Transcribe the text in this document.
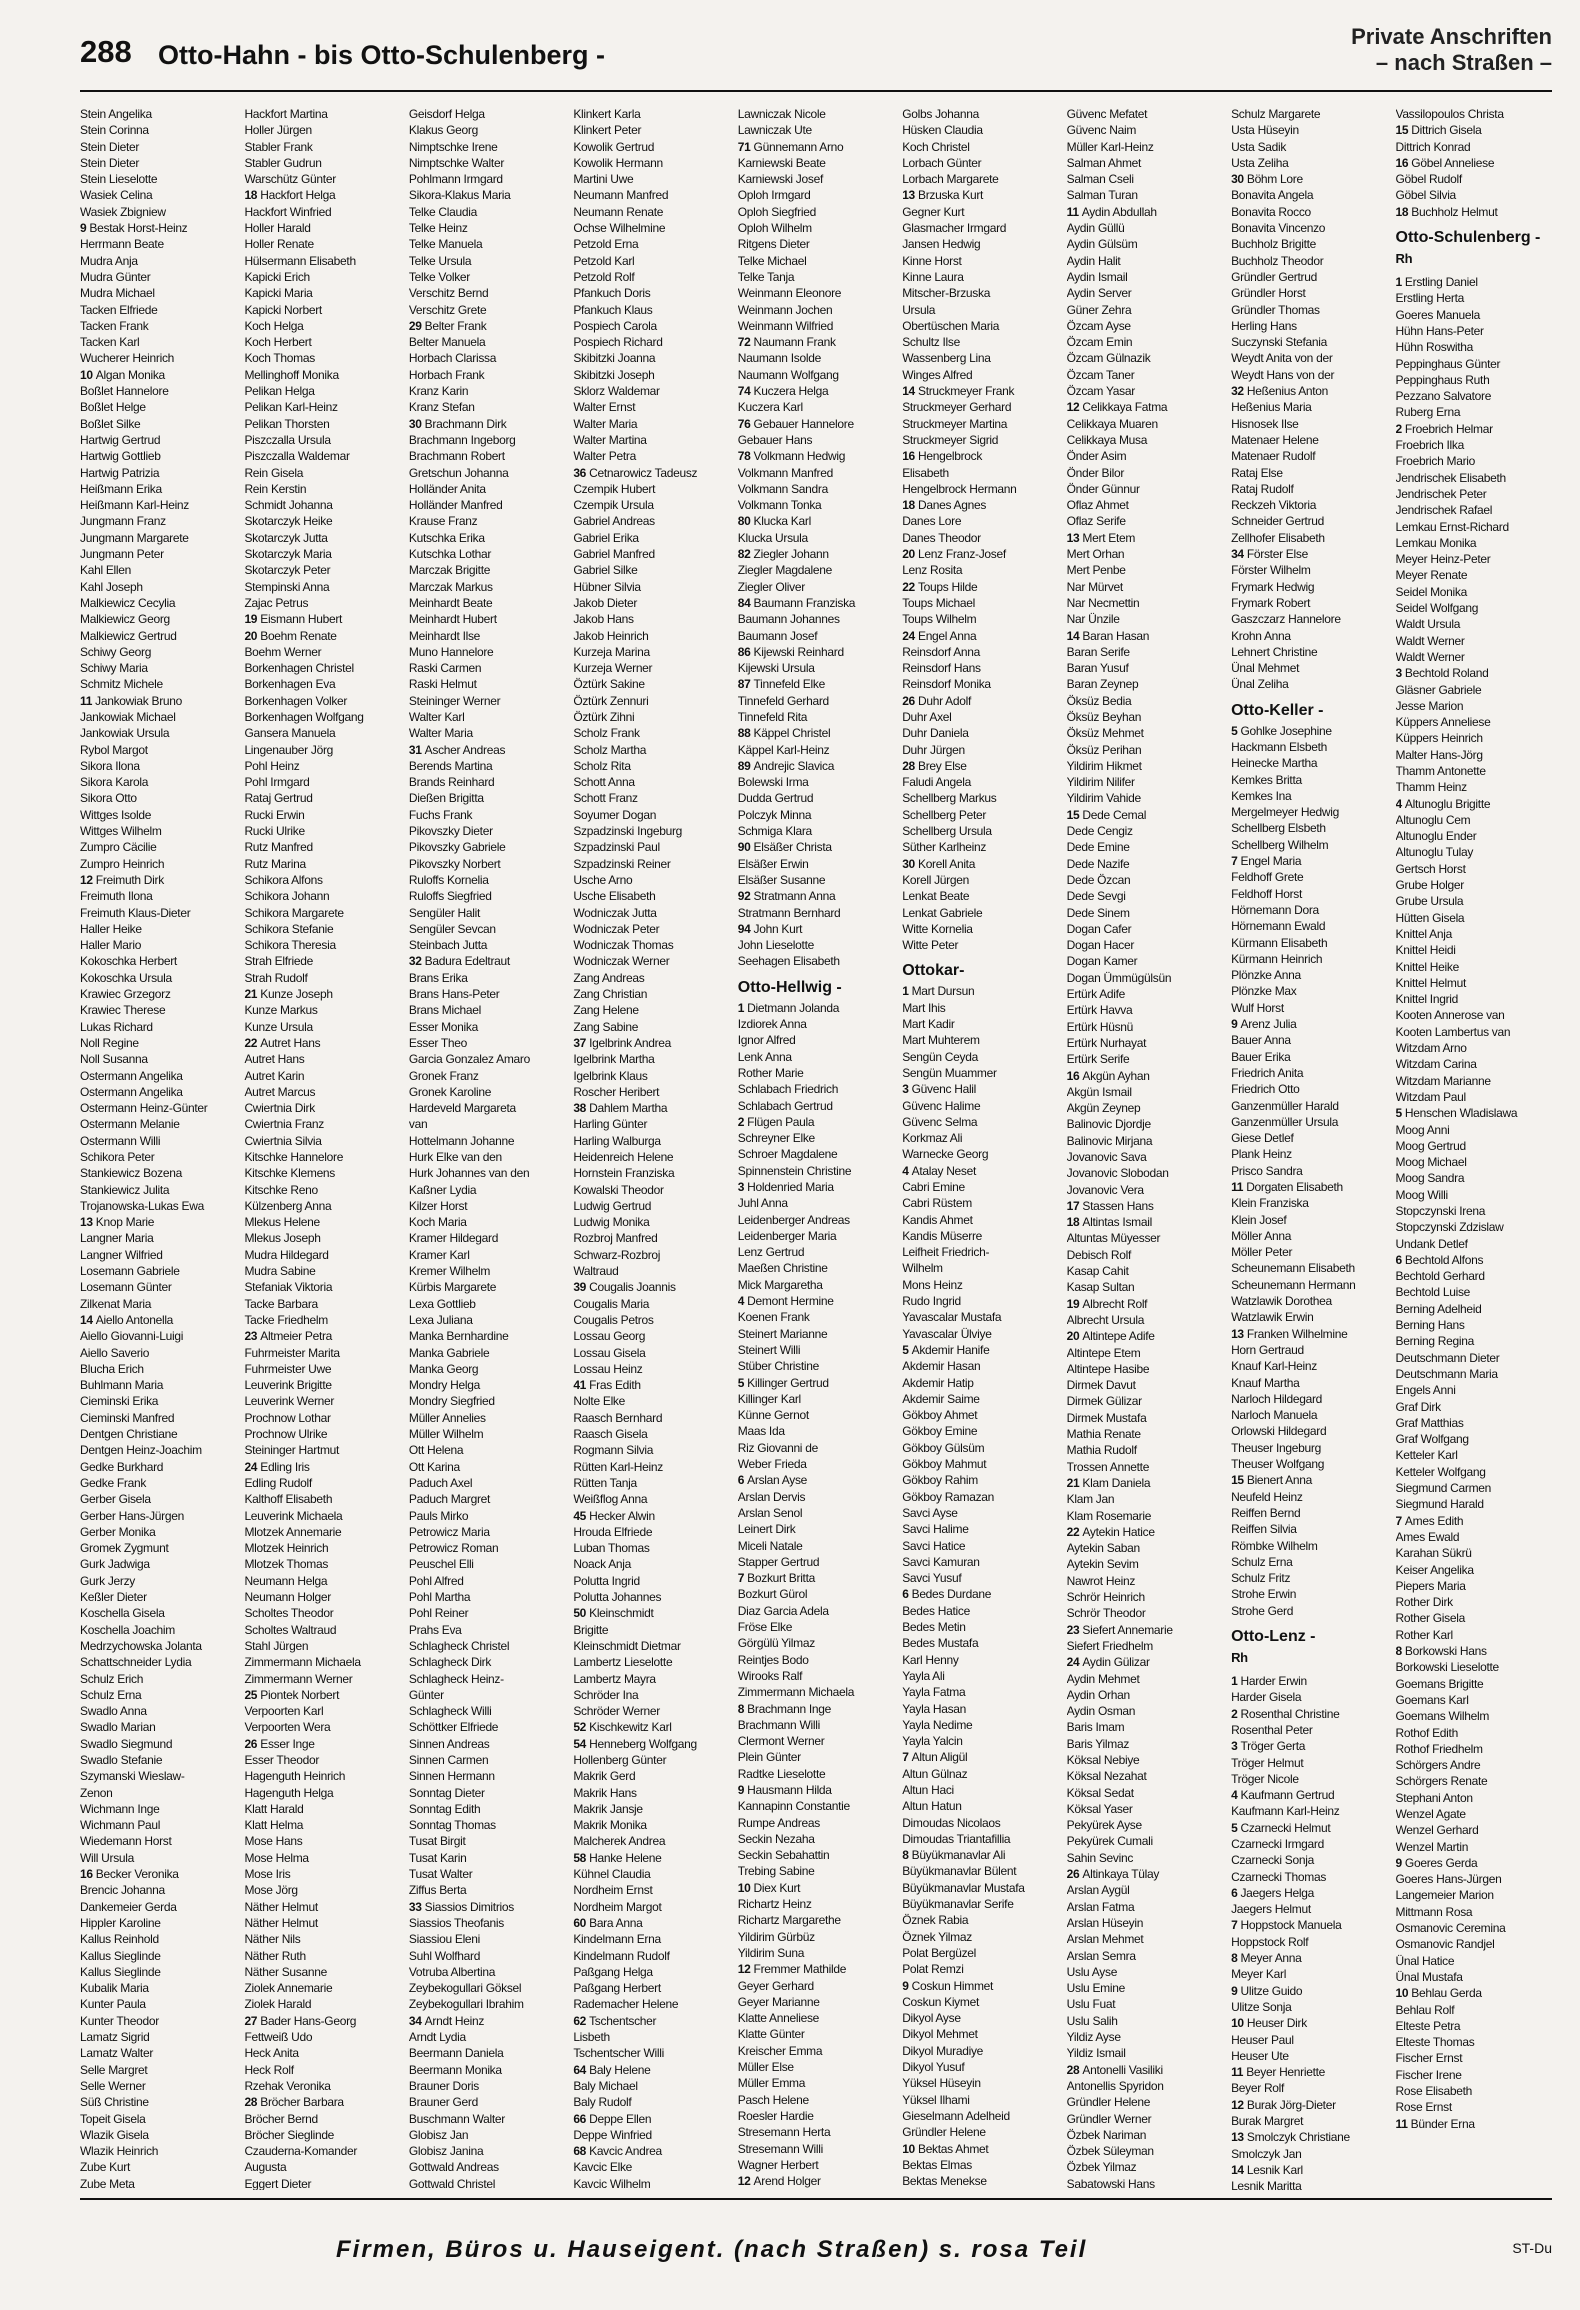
288 Otto-Hahn - bis Otto-Schulenberg -
Private Anschriften
– nach Straßen –
Stein Angelika
Stein Corinna
Stein Dieter
Stein Dieter
Stein Lieselotte
Wasiek Celina
Wasiek Zbigniew
9 Bestak Horst-Heinz
Herrmann Beate
Mudra Anja
Mudra Günter
Mudra Michael
Tacken Elfriede
Tacken Frank
Tacken Karl
Wucherer Heinrich
10 Algan Monika
Boßlet Hannelore
Boßlet Helge
Boßlet Silke
Hartwig Gertrud
Hartwig Gottlieb
Hartwig Patrizia
Heißmann Erika
Heißmann Karl-Heinz
Jungmann Franz
Jungmann Margarete
Jungmann Peter
Kahl Ellen
Kahl Joseph
Malkiewicz Cecylia
Malkiewicz Georg
Malkiewicz Gertrud
Schiwy Georg
Schiwy Maria
Schmitz Michele
11 Jankowiak Bruno
Jankowiak Michael
Jankowiak Ursula
Rybol Margot
Sikora Ilona
Sikora Karola
Sikora Otto
Wittges Isolde
Wittges Wilhelm
Zumpro Cäcilie
Zumpro Heinrich
12 Freimuth Dirk
Freimuth Ilona
Freimuth Klaus-Dieter
Haller Heike
Haller Mario
Kokoschka Herbert
Kokoschka Ursula
Krawiec Grzegorz
Krawiec Therese
Lukas Richard
Noll Regine
Noll Susanna
Ostermann Angelika
Ostermann Angelika
Ostermann Heinz-Günter
Ostermann Melanie
Ostermann Willi
Schikora Peter
Stankiewicz Bozena
Stankiewicz Julita
Trojanowska-Lukas Ewa
13 Knop Marie
Langner Maria
Langner Wilfried
Losemann Gabriele
Losemann Günter
Zilkenat Maria
14 Aiello Antonella
Aiello Giovanni-Luigi
Aiello Saverio
Blucha Erich
Buhlmann Maria
Cieminski Erika
Cieminski Manfred
Dentgen Christiane
Dentgen Heinz-Joachim
Gedke Burkhard
Gedke Frank
Gerber Gisela
Gerber Hans-Jürgen
Gerber Monika
Gromek Zygmunt
Gurk Jadwiga
Gurk Jerzy
Keßler Dieter
Koschella Gisela
Koschella Joachim
Medrzychowska Jolanta
Schattschneider Lydia
Schulz Erich
Schulz Erna
Swadlo Anna
Swadlo Marian
Swadlo Siegmund
Swadlo Stefanie
Szymanski Wieslaw-
Zenon
Wichmann Inge
Wichmann Paul
Wiedemann Horst
Will Ursula
16 Becker Veronika
Brencic Johanna
Dankemeier Gerda
Hippler Karoline
Kallus Reinhold
Kallus Sieglinde
Kallus Sieglinde
Kubalik Maria
Kunter Paula
Kunter Theodor
Lamatz Sigrid
Lamatz Walter
Selle Margret
Selle Werner
Süß Christine
Topeit Gisela
Wlazik Gisela
Wlazik Heinrich
Zube Kurt
Zube Meta
Hackfort Martina
Holler Jürgen
Stabler Frank
Stabler Gudrun
Warschütz Günter
18 Hackfort Helga
Hackfort Winfried
Holler Harald
Holler Renate
Hülsermann Elisabeth
Kapicki Erich
Kapicki Maria
Kapicki Norbert
Koch Helga
Koch Herbert
Koch Thomas
Mellinghoff Monika
Pelikan Helga
Pelikan Karl-Heinz
Pelikan Thorsten
Piszczalla Ursula
Piszczalla Waldemar
Rein Gisela
Rein Kerstin
Schmidt Johanna
Skotarczyk Heike
Skotarczyk Jutta
Skotarczyk Maria
Skotarczyk Peter
Stempinski Anna
Zajac Petrus
19 Eismann Hubert
20 Boehm Renate
Boehm Werner
Borkenhagen Christel
Borkenhagen Eva
Borkenhagen Volker
Borkenhagen Wolfgang
Gansera Manuela
Lingenauber Jörg
Pohl Heinz
Pohl Irmgard
Rataj Gertrud
Rucki Erwin
Rucki Ulrike
Rutz Manfred
Rutz Marina
Schikora Alfons
Schikora Johann
Schikora Margarete
Schikora Stefanie
Schikora Theresia
Strah Elfriede
Strah Rudolf
21 Kunze Joseph
Kunze Markus
Kunze Ursula
22 Autret Hans
Autret Hans
Autret Karin
Autret Marcus
Cwiertnia Dirk
Cwiertnia Franz
Cwiertnia Silvia
Kitschke Hannelore
Kitschke Klemens
Kitschke Reno
Külzenberg Anna
Mlekus Helene
Mlekus Joseph
Mudra Hildegard
Mudra Sabine
Stefaniak Viktoria
Tacke Barbara
Tacke Friedhelm
23 Altmeier Petra
Fuhrmeister Marita
Fuhrmeister Uwe
Leuverink Brigitte
Leuverink Werner
Prochnow Lothar
Prochnow Ulrike
Steininger Hartmut
24 Edling Iris
Edling Rudolf
Kalthoff Elisabeth
Leuverink Michaela
Mlotzek Annemarie
Mlotzek Heinrich
Mlotzek Thomas
Neumann Helga
Neumann Holger
Scholtes Theodor
Scholtes Waltraud
Stahl Jürgen
Zimmermann Michaela
Zimmermann Werner
25 Piontek Norbert
Verpoorten Karl
Verpoorten Wera
26 Esser Inge
Esser Theodor
Hagenguth Heinrich
Hagenguth Helga
Klatt Harald
Klatt Helma
Mose Hans
Mose Helma
Mose Iris
Mose Jörg
Näther Helmut
Näther Helmut
Näther Nils
Näther Ruth
Näther Susanne
Ziolek Annemarie
Ziolek Harald
27 Bader Hans-Georg
Fettweiß Udo
Heck Anita
Heck Rolf
Rzehak Veronika
28 Bröcher Barbara
Bröcher Bernd
Bröcher Sieglinde
Czauderna-Komander
Augusta
Eggert Dieter
Geisdorf Helga
Klakus Georg
Nimptschke Irene
Nimptschke Walter
Pohlmann Irmgard
Sikora-Klakus Maria
Telke Claudia
Telke Heinz
Telke Manuela
Telke Ursula
Telke Volker
Verschitz Bernd
Verschitz Grete
29 Belter Frank
Belter Manuela
Horbach Clarissa
Horbach Frank
Kranz Karin
Kranz Stefan
30 Brachmann Dirk
Brachmann Ingeborg
Brachmann Robert
Gretschun Johanna
Holländer Anita
Holländer Manfred
Krause Franz
Kutschka Erika
Kutschka Lothar
Marczak Brigitte
Marczak Markus
Meinhardt Beate
Meinhardt Hubert
Meinhardt Ilse
Muno Hannelore
Raski Carmen
Raski Helmut
Steininger Werner
Walter Karl
Walter Maria
31 Ascher Andreas
Berends Martina
Brands Reinhard
Dießen Brigitta
Fuchs Frank
Pikovszky Dieter
Pikovszky Gabriele
Pikovszky Norbert
Ruloffs Kornelia
Ruloffs Siegfried
Sengüler Halit
Sengüler Sevcan
Steinbach Jutta
32 Badura Edeltraut
Brans Erika
Brans Hans-Peter
Brans Michael
Esser Monika
Esser Theo
Garcia Gonzalez Amaro
Gronek Franz
Gronek Karoline
Hardeveld Margareta
van
Hottelmann Johanne
Hurk Elke van den
Hurk Johannes van den
Kaßner Lydia
Kilzer Horst
Koch Maria
Kramer Hildegard
Kramer Karl
Kremer Wilhelm
Kürbis Margarete
Lexa Gottlieb
Lexa Juliana
Manka Bernhardine
Manka Gabriele
Manka Georg
Mondry Helga
Mondry Siegfried
Müller Annelies
Müller Wilhelm
Ott Helena
Ott Karina
Paduch Axel
Paduch Margret
Pauls Mirko
Petrowicz Maria
Petrowicz Roman
Peuschel Elli
Pohl Alfred
Pohl Martha
Pohl Reiner
Prahs Eva
Schlagheck Christel
Schlagheck Dirk
Schlagheck Heinz-
Günter
Schlagheck Willi
Schöttker Elfriede
Sinnen Andreas
Sinnen Carmen
Sinnen Hermann
Sonntag Dieter
Sonntag Edith
Sonntag Thomas
Tusat Birgit
Tusat Karin
Tusat Walter
Ziffus Berta
33 Siassios Dimitrios
Siassios Theofanis
Siassiou Eleni
Suhl Wolfhard
Votruba Albertina
Zeybekogullari Göksel
Zeybekogullari Ibrahim
34 Arndt Heinz
Arndt Lydia
Beermann Daniela
Beermann Monika
Brauner Doris
Brauner Gerd
Buschmann Walter
Globisz Jan
Globisz Janina
Gottwald Andreas
Gottwald Christel
Klinkert Karla
Klinkert Peter
Kowolik Gertrud
Kowolik Hermann
Martini Uwe
Neumann Manfred
Neumann Renate
Ochse Wilhelmine
Petzold Erna
Petzold Karl
Petzold Rolf
Pfankuch Doris
Pfankuch Klaus
Pospiech Carola
Pospiech Richard
Skibitzki Joanna
Skibitzki Joseph
Sklorz Waldemar
Walter Ernst
Walter Maria
Walter Martina
Walter Petra
36 Cetnarowicz Tadeusz
Czempik Hubert
Czempik Ursula
Gabriel Andreas
Gabriel Erika
Gabriel Manfred
Gabriel Silke
Hübner Silvia
Jakob Dieter
Jakob Hans
Jakob Heinrich
Kurzeja Marina
Kurzeja Werner
Öztürk Sakine
Öztürk Zennuri
Öztürk Zihni
Scholz Frank
Scholz Martha
Scholz Rita
Schott Anna
Schott Franz
Soyumer Dogan
Szpadzinski Ingeburg
Szpadzinski Paul
Szpadzinski Reiner
Usche Arno
Usche Elisabeth
Wodniczak Jutta
Wodniczak Peter
Wodniczak Thomas
Wodniczak Werner
Zang Andreas
Zang Christian
Zang Helene
Zang Sabine
37 Igelbrink Andrea
Igelbrink Martha
Igelbrink Klaus
Roscher Heribert
38 Dahlem Martha
Harling Günter
Harling Walburga
Heidenreich Helene
Hornstein Franziska
Kowalski Theodor
Ludwig Gertrud
Ludwig Monika
Rozbroj Manfred
Schwarz-Rozbroj
Waltraud
39 Cougalis Joannis
Cougalis Maria
Cougalis Petros
Lossau Georg
Lossau Gisela
Lossau Heinz
41 Fras Edith
Nolte Elke
Raasch Bernhard
Raasch Gisela
Rogmann Silvia
Rütten Karl-Heinz
Rütten Tanja
Weißflog Anna
45 Hecker Alwin
Hrouda Elfriede
Luban Thomas
Noack Anja
Polutta Ingrid
Polutta Johannes
50 Kleinschmidt
Brigitte
Kleinschmidt Dietmar
Lambertz Lieselotte
Lambertz Mayra
Schröder Ina
Schröder Werner
52 Kischkewitz Karl
54 Henneberg Wolfgang
Hollenberg Günter
Makrik Gerd
Makrik Hans
Makrik Jansje
Makrik Monika
Malcherek Andrea
58 Hanke Helene
Kühnel Claudia
Nordheim Ernst
Nordheim Margot
60 Bara Anna
Kindelmann Erna
Kindelmann Rudolf
Paßgang Helga
Paßgang Herbert
Rademacher Helene
62 Tschentscher
Lisbeth
Tschentscher Willi
64 Baly Helene
Baly Michael
Baly Rudolf
66 Deppe Ellen
Deppe Winfried
68 Kavcic Andrea
Kavcic Elke
Kavcic Wilhelm
Lawniczak Nicole
Lawniczak Ute
71 Günnemann Arno
Karniewski Beate
Karniewski Josef
Oploh Irmgard
Oploh Siegfried
Oploh Wilhelm
Ritgens Dieter
Telke Michael
Telke Tanja
Weinmann Eleonore
Weinmann Jochen
Weinmann Wilfried
72 Naumann Frank
Naumann Isolde
Naumann Wolfgang
74 Kuczera Helga
Kuczera Karl
76 Gebauer Hannelore
Gebauer Hans
78 Volkmann Hedwig
Volkmann Manfred
Volkmann Sandra
Volkmann Tonka
80 Klucka Karl
Klucka Ursula
82 Ziegler Johann
Ziegler Magdalene
Ziegler Oliver
84 Baumann Franziska
Baumann Johannes
Baumann Josef
86 Kijewski Reinhard
Kijewski Ursula
87 Tinnefeld Elke
Tinnefeld Gerhard
Tinnefeld Rita
88 Käppel Christel
Käppel Karl-Heinz
89 Andrejic Slavica
Bolewski Irma
Dudda Gertrud
Polczyk Minna
Schmiga Klara
90 Elsäßer Christa
Elsäßer Erwin
Elsäßer Susanne
92 Stratmann Anna
Stratmann Bernhard
94 John Kurt
John Lieselotte
Seehagen Elisabeth
Otto-Hellwig -
1 Dietmann Jolanda
Izdiorek Anna
Ignor Alfred
Lenk Anna
Rother Marie
Schlabach Friedrich
Schlabach Gertrud
2 Flügen Paula
Schreyner Elke
Schroer Magdalene
Spinnenstein Christine
3 Holdenried Maria
Juhl Anna
Leidenberger Andreas
Leidenberger Maria
Lenz Gertrud
Maeßen Christine
Mick Margaretha
4 Demont Hermine
Koenen Frank
Steinert Marianne
Steinert Willi
Stüber Christine
5 Killinger Gertrud
Killinger Karl
Künne Gernot
Maas Ida
Riz Giovanni de
Weber Frieda
6 Arslan Ayse
Arslan Dervis
Arslan Senol
Leinert Dirk
Miceli Natale
Stapper Gertrud
7 Bozkurt Britta
Bozkurt Gürol
Diaz Garcia Adela
Fröse Elke
Görgülü Yilmaz
Reintjes Bodo
Wirooks Ralf
Zimmermann Michaela
8 Brachmann Inge
Brachmann Willi
Clermont Werner
Plein Günter
Radtke Lieselotte
9 Hausmann Hilda
Kannapinn Constantie
Rumpe Andreas
Seckin Nezaha
Seckin Sebahattin
Trebing Sabine
10 Diex Kurt
Richartz Heinz
Richartz Margarethe
Yildirim Gürbüz
Yildirim Suna
12 Fremmer Mathilde
Geyer Gerhard
Geyer Marianne
Klatte Anneliese
Klatte Günter
Kreischer Emma
Müller Else
Müller Emma
Pasch Helene
Roesler Hardie
Stresemann Herta
Stresemann Willi
Wagner Herbert
12 Arend Holger
Golbs Johanna
Hüsken Claudia
Koch Christel
Lorbach Günter
Lorbach Margarete
13 Brzuska Kurt
Gegner Kurt
Glasmacher Irmgard
Jansen Hedwig
Kinne Horst
Kinne Laura
Mitscher-Brzuska
Ursula
Obertüschen Maria
Schultz Ilse
Wassenberg Lina
Winges Alfred
14 Struckmeyer Frank
Struckmeyer Gerhard
Struckmeyer Martina
Struckmeyer Sigrid
16 Hengelbrock
Elisabeth
Hengelbrock Hermann
18 Danes Agnes
Danes Lore
Danes Theodor
20 Lenz Franz-Josef
Lenz Rosita
22 Toups Hilde
Toups Michael
Toups Wilhelm
24 Engel Anna
Reinsdorf Anna
Reinsdorf Hans
Reinsdorf Monika
26 Duhr Adolf
Duhr Axel
Duhr Daniela
Duhr Jürgen
28 Brey Else
Faludi Angela
Schellberg Markus
Schellberg Peter
Schellberg Ursula
Süther Karlheinz
30 Korell Anita
Korell Jürgen
Lenkat Beate
Lenkat Gabriele
Witte Kornelia
Witte Peter
Ottokar-
1 Mart Dursun
Mart Ihis
Mart Kadir
Mart Muhterem
Sengün Ceyda
Sengün Muammer
3 Güvenc Halil
Güvenc Halime
Güvenc Selma
Korkmaz Ali
Warnecke Georg
4 Atalay Neset
Cabri Emine
Cabri Rüstem
Kandis Ahmet
Kandis Müserre
Leifheit Friedrich-
Wilhelm
Mons Heinz
Rudo Ingrid
Yavascalar Mustafa
Yavascalar Ülviye
5 Akdemir Hanife
Akdemir Hasan
Akdemir Hatip
Akdemir Saime
Gökboy Ahmet
Gökboy Emine
Gökboy Gülsüm
Gökboy Mahmut
Gökboy Rahim
Gökboy Ramazan
Savci Ayse
Savci Halime
Savci Hatice
Savci Kamuran
Savci Yusuf
6 Bedes Durdane
Bedes Hatice
Bedes Metin
Bedes Mustafa
Karl Henny
Yayla Ali
Yayla Fatma
Yayla Hasan
Yayla Nedime
Yayla Yalcin
7 Altun Aligül
Altun Gülnaz
Altun Haci
Altun Hatun
Dimoudas Nicolaos
Dimoudas Triantafillia
8 Büyükmanavlar Ali
Büyükmanavlar Bülent
Büyükmanavlar Mustafa
Büyükmanavlar Serife
Öznek Rabia
Öznek Yilmaz
Polat Bergüzel
Polat Remzi
9 Coskun Himmet
Coskun Kiymet
Dikyol Ayse
Dikyol Mehmet
Dikyol Muradiye
Dikyol Yusuf
Yüksel Hüseyin
Yüksel Ilhami
Gieselmann Adelheid
Gründler Helene
10 Bektas Ahmet
Bektas Elmas
Bektas Menekse
Güvenc Mefatet
Güvenc Naim
Müller Karl-Heinz
Salman Ahmet
Salman Cseli
Salman Turan
11 Aydin Abdullah
Aydin Güllü
Aydin Gülsüm
Aydin Halit
Aydin Ismail
Aydin Server
Güner Zehra
Özcam Ayse
Özcam Emin
Özcam Gülnazik
Özcam Taner
Özcam Yasar
12 Celikkaya Fatma
Celikkaya Muaren
Celikkaya Musa
Önder Asim
Önder Bilor
Önder Günnur
Oflaz Ahmet
Oflaz Serife
13 Mert Etem
Mert Orhan
Mert Penbe
Nar Mürvet
Nar Necmettin
Nar Ünzile
14 Baran Hasan
Baran Serife
Baran Yusuf
Baran Zeynep
Öksüz Bedia
Öksüz Beyhan
Öksüz Mehmet
Öksüz Perihan
Yildirim Hikmet
Yildirim Nilifer
Yildirim Vahide
15 Dede Cemal
Dede Cengiz
Dede Emine
Dede Nazife
Dede Özcan
Dede Sevgi
Dede Sinem
Dogan Cafer
Dogan Hacer
Dogan Kamer
Dogan Ümmügülsün
Ertürk Adife
Ertürk Havva
Ertürk Hüsnü
Ertürk Nurhayat
Ertürk Serife
16 Akgün Ayhan
Akgün Ismail
Akgün Zeynep
Balinovic Djordje
Balinovic Mirjana
Jovanovic Sava
Jovanovic Slobodan
Jovanovic Vera
17 Stassen Hans
18 Altintas Ismail
Altuntas Müyesser
Debisch Rolf
Kasap Cahit
Kasap Sultan
19 Albrecht Rolf
Albrecht Ursula
20 Altintepe Adife
Altintepe Etem
Altintepe Hasibe
Dirmek Davut
Dirmek Gülizar
Dirmek Mustafa
Mathia Renate
Mathia Rudolf
Trossen Annette
21 Klam Daniela
Klam Jan
Klam Rosemarie
22 Aytekin Hatice
Aytekin Saban
Aytekin Sevim
Nawrot Heinz
Schrör Heinrich
Schrör Theodor
23 Siefert Annemarie
Siefert Friedhelm
24 Aydin Gülizar
Aydin Mehmet
Aydin Orhan
Aydin Osman
Baris Imam
Baris Yilmaz
Köksal Nebiye
Köksal Nezahat
Köksal Sedat
Köksal Yaser
Pekyürek Ayse
Pekyürek Cumali
Sahin Sevinc
26 Altinkaya Tülay
Arslan Aygül
Arslan Fatma
Arslan Hüseyin
Arslan Mehmet
Arslan Semra
Uslu Ayse
Uslu Emine
Uslu Fuat
Uslu Salih
Yildiz Ayse
Yildiz Ismail
28 Antonelli Vasiliki
Antonellis Spyridon
Gründler Helene
Gründler Werner
Özbek Nariman
Özbek Süleyman
Özbek Yilmaz
Sabatowski Hans
Schulz Margarete
Usta Hüseyin
Usta Sadik
Usta Zeliha
30 Böhm Lore
Bonavita Angela
Bonavita Rocco
Bonavita Vincenzo
Buchholz Brigitte
Buchholz Theodor
Gründler Gertrud
Gründler Horst
Gründler Thomas
Herling Hans
Suczynski Stefania
Weydt Anita von der
Weydt Hans von der
32 Heßenius Anton
Heßenius Maria
Hisnosek Ilse
Matenaer Helene
Matenaer Rudolf
Rataj Else
Rataj Rudolf
Reckzeh Viktoria
Schneider Gertrud
Zellhofer Elisabeth
34 Förster Else
Förster Wilhelm
Frymark Hedwig
Frymark Robert
Gaszczarz Hannelore
Krohn Anna
Lehnert Christine
Ünal Mehmet
Ünal Zeliha
Otto-Keller -
5 Gohlke Josephine
Hackmann Elsbeth
Heinecke Martha
Kemkes Britta
Kemkes Ina
Mergelmeyer Hedwig
Schellberg Elsbeth
Schellberg Wilhelm
7 Engel Maria
Feldhoff Grete
Feldhoff Horst
Hörnemann Dora
Hörnemann Ewald
Kürmann Elisabeth
Kürmann Heinrich
Plönzke Anna
Plönzke Max
Wulf Horst
9 Arenz Julia
Bauer Anna
Bauer Erika
Friedrich Anita
Friedrich Otto
Ganzenmüller Harald
Ganzenmüller Ursula
Giese Detlef
Plank Heinz
Prisco Sandra
11 Dorgaten Elisabeth
Klein Franziska
Klein Josef
Möller Anna
Möller Peter
Scheunemann Elisabeth
Scheunemann Hermann
Watzlawik Dorothea
Watzlawik Erwin
13 Franken Wilhelmine
Horn Gertraud
Knauf Karl-Heinz
Knauf Martha
Narloch Hildegard
Narloch Manuela
Orlowski Hildegard
Theuser Ingeburg
Theuser Wolfgang
15 Bienert Anna
Neufeld Heinz
Reiffen Bernd
Reiffen Silvia
Römbke Wilhelm
Schulz Erna
Schulz Fritz
Strohe Erwin
Strohe Gerd
Otto-Lenz -
Rh
1 Harder Erwin
Harder Gisela
2 Rosenthal Christine
Rosenthal Peter
3 Tröger Gerta
Tröger Helmut
Tröger Nicole
4 Kaufmann Gertrud
Kaufmann Karl-Heinz
5 Czarnecki Helmut
Czarnecki Irmgard
Czarnecki Sonja
Czarnecki Thomas
6 Jaegers Helga
Jaegers Helmut
7 Hoppstock Manuela
Hoppstock Rolf
8 Meyer Anna
Meyer Karl
9 Ulitze Guido
Ulitze Sonja
10 Heuser Dirk
Heuser Paul
Heuser Ute
11 Beyer Henriette
Beyer Rolf
12 Burak Jörg-Dieter
Burak Margret
13 Smolczyk Christiane
Smolczyk Jan
14 Lesnik Karl
Lesnik Maritta
Vassilopoulos Christa
15 Dittrich Gisela
Dittrich Konrad
16 Göbel Anneliese
Göbel Rudolf
Göbel Silvia
18 Buchholz Helmut
Otto-Schulenberg -
Rh
1 Erstling Daniel
Erstling Herta
Goeres Manuela
Hühn Hans-Peter
Hühn Roswitha
Peppinghaus Günter
Peppinghaus Ruth
Pezzano Salvatore
Ruberg Erna
2 Froebrich Helmar
Froebrich Ilka
Froebrich Mario
Jendrischek Elisabeth
Jendrischek Peter
Jendrischek Rafael
Lemkau Ernst-Richard
Lemkau Monika
Meyer Heinz-Peter
Meyer Renate
Seidel Monika
Seidel Wolfgang
Waldt Ursula
Waldt Werner
Waldt Werner
3 Bechtold Roland
Gläsner Gabriele
Jesse Marion
Küppers Anneliese
Küppers Heinrich
Malter Hans-Jörg
Thamm Antonette
Thamm Heinz
4 Altunoglu Brigitte
Altunoglu Cem
Altunoglu Ender
Altunoglu Tulay
Gertsch Horst
Grube Holger
Grube Ursula
Hütten Gisela
Knittel Anja
Knittel Heidi
Knittel Heike
Knittel Helmut
Knittel Ingrid
Kooten Annerose van
Kooten Lambertus van
Witzdam Arno
Witzdam Carina
Witzdam Marianne
Witzdam Paul
5 Henschen Wladislawa
Moog Anni
Moog Gertrud
Moog Michael
Moog Sandra
Moog Willi
Stopczynski Irena
Stopczynski Zdzislaw
Undank Detlef
6 Bechtold Alfons
Bechtold Gerhard
Bechtold Luise
Berning Adelheid
Berning Hans
Berning Regina
Deutschmann Dieter
Deutschmann Maria
Engels Anni
Graf Dirk
Graf Matthias
Graf Wolfgang
Ketteler Karl
Ketteler Wolfgang
Siegmund Carmen
Siegmund Harald
7 Ames Edith
Ames Ewald
Karahan Sükrü
Keiser Angelika
Piepers Maria
Rother Dirk
Rother Gisela
Rother Karl
8 Borkowski Hans
Borkowski Lieselotte
Goemans Brigitte
Goemans Karl
Goemans Wilhelm
Rothof Edith
Rothof Friedhelm
Schörgers Andre
Schörgers Renate
Stephani Anton
Wenzel Agate
Wenzel Gerhard
Wenzel Martin
9 Goeres Gerda
Goeres Hans-Jürgen
Langemeier Marion
Mittmann Rosa
Osmanovic Ceremina
Osmanovic Randjel
Ünal Hatice
Ünal Mustafa
10 Behlau Gerda
Behlau Rolf
Elteste Petra
Elteste Thomas
Fischer Ernst
Fischer Irene
Rose Elisabeth
Rose Ernst
11 Bünder Erna
Firmen, Büros u. Hauseigent. (nach Straßen) s. rosa Teil	ST-Du
